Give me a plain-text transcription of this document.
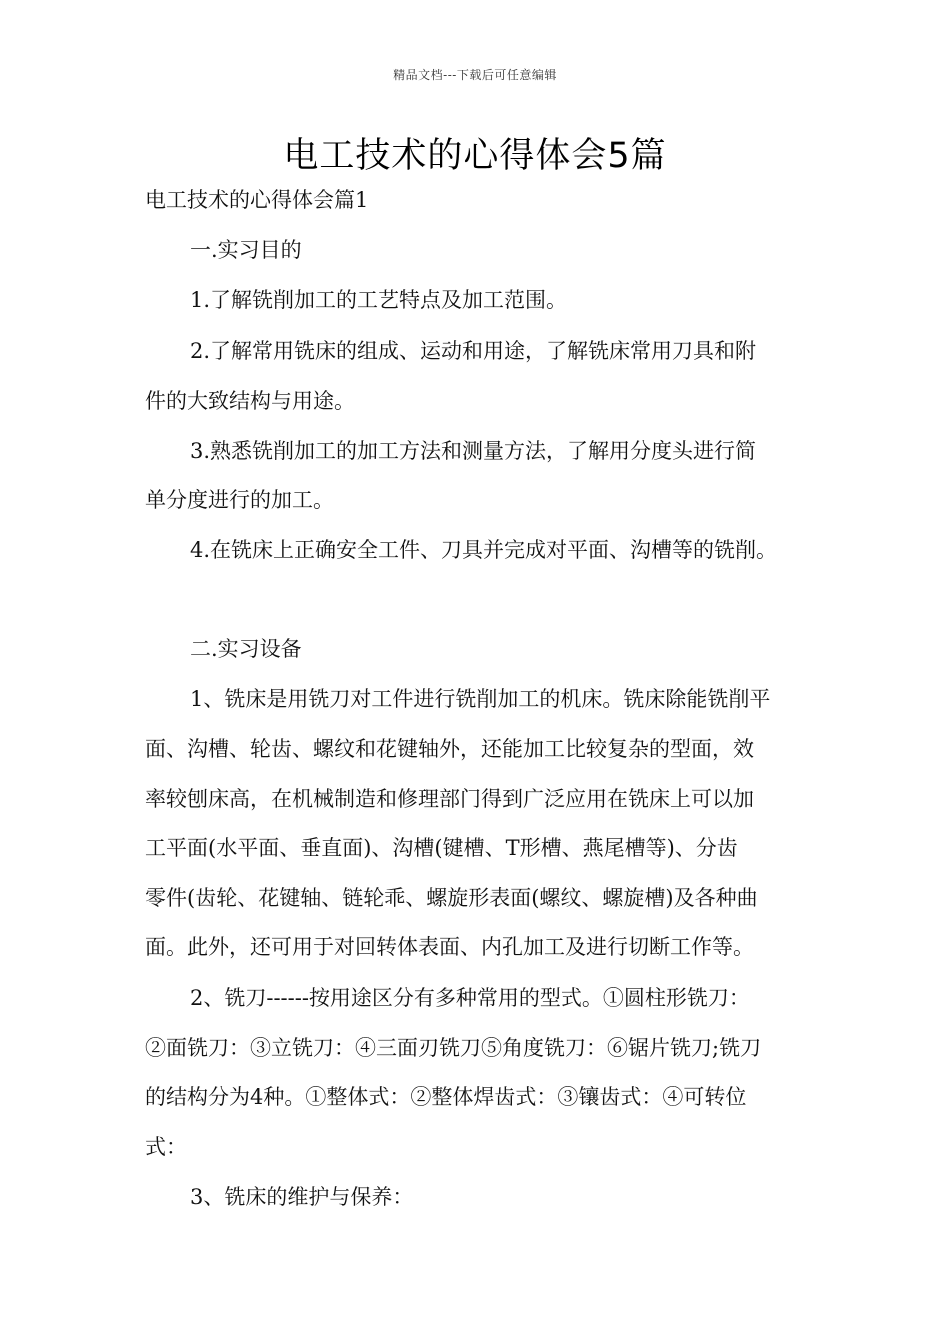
精品文档---下载后可任意编辑
电工技术的心得体会5篇
电工技术的心得体会篇1
一.实习目的
1.了解铣削加工的工艺特点及加工范围。
2.了解常用铣床的组成、运动和用途，了解铣床常用刀具和附
件的大致结构与用途。
3.熟悉铣削加工的加工方法和测量方法，了解用分度头进行简
单分度进行的加工。
4.在铣床上正确安全工件、刀具并完成对平面、沟槽等的铣削。
二.实习设备
1、铣床是用铣刀对工件进行铣削加工的机床。铣床除能铣削平
面、沟槽、轮齿、螺纹和花键轴外，还能加工比较复杂的型面，效
率较刨床高，在机械制造和修理部门得到广泛应用在铣床上可以加
工平面(水平面、垂直面)、沟槽(键槽、T形槽、燕尾槽等)、分齿
零件(齿轮、花键轴、链轮乖、螺旋形表面(螺纹、螺旋槽)及各种曲
面。此外，还可用于对回转体表面、内孔加工及进行切断工作等。
2、铣刀------按用途区分有多种常用的型式。①圆柱形铣刀：
②面铣刀：③立铣刀：④三面刃铣刀⑤角度铣刀：⑥锯片铣刀;铣刀
的结构分为4种。①整体式：②整体焊齿式：③镶齿式：④可转位
式：
3、铣床的维护与保养：
